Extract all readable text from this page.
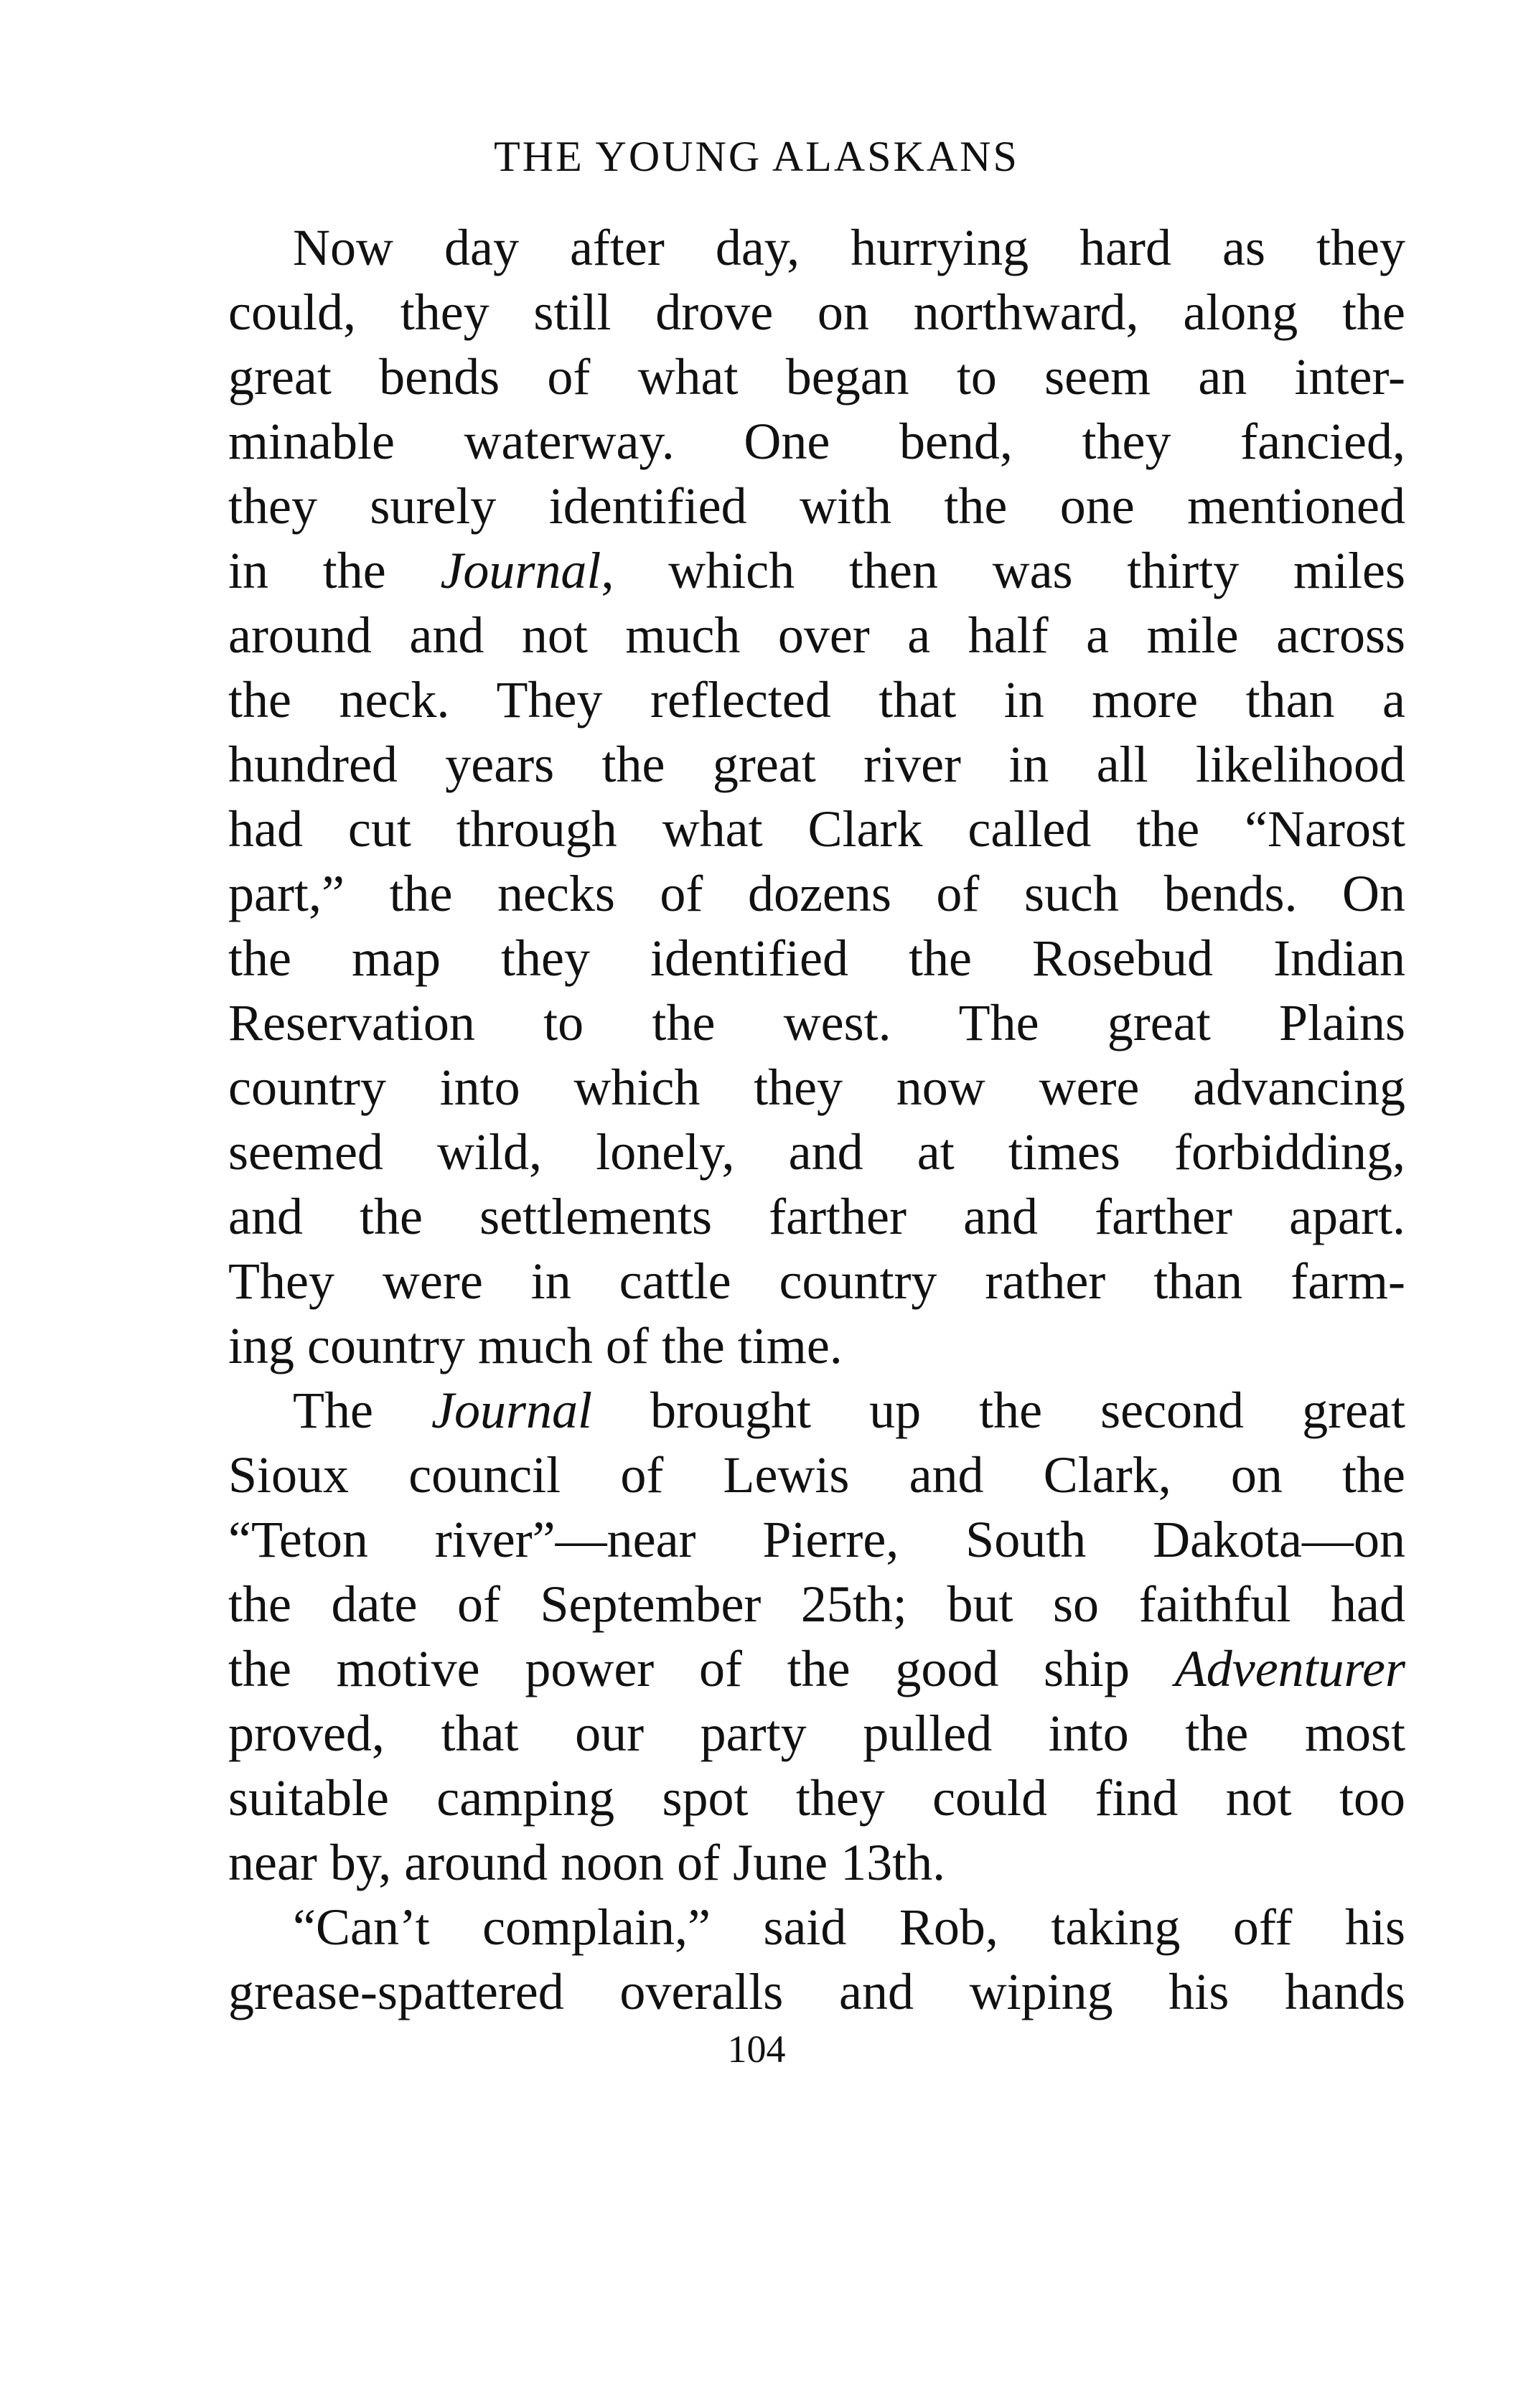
THE YOUNG ALASKANS
Now day after day, hurrying hard as they
could, they still drove on northward, along the
great bends of what began to seem an inter-
minable waterway. One bend, they fancied,
they surely identified with the one mentioned
in the Journal, which then was thirty miles
around and not much over a half a mile across
the neck. They reflected that in more than a
hundred years the great river in all likelihood
had cut through what Clark called the “Narost
part,” the necks of dozens of such bends. On
the map they identified the Rosebud Indian
Reservation to the west. The great Plains
country into which they now were advancing
seemed wild, lonely, and at times forbidding,
and the settlements farther and farther apart.
They were in cattle country rather than farm-
ing country much of the time.
The Journal brought up the second great
Sioux council of Lewis and Clark, on the
“Teton river”—near Pierre, South Dakota—on
the date of September 25th; but so faithful had
the motive power of the good ship Adventurer
proved, that our party pulled into the most
suitable camping spot they could find not too
near by, around noon of June 13th.
“Can’t complain,” said Rob, taking off his
grease-spattered overalls and wiping his hands
104
